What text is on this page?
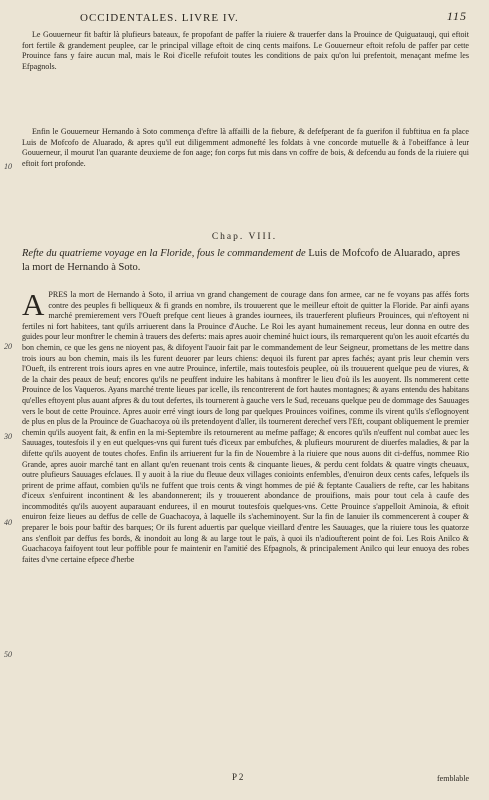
OCCIDENTALES. LIVRE IV.	115
10
20
30
40
50
Le Gouuerneur fit baftir là plufieurs bateaux, fe propofant de paffer la riuiere & trauerfer dans la Prouince de Quiguatauqi, qui eftoit fort fertile & grandement peuplee, car le principal village eftoit de cinq cents maifons. Le Gouuerneur eftoit refolu de paffer par cette Prouince fans y faire aucun mal, mais le Roi d'icelle refufoit toutes les conditions de paix qu'on lui prefentoit, menaçant mefme les Efpagnols.
Enfin le Gouuerneur Hernando à Soto commença d'eftre là affailli de la fiebure, & defefperant de fa guerifon il fubftitua en fa place Luis de Mofcofo de Aluarado, & apres qu'il eut diligemment admonefté les foldats à vne concorde mutuelle & à l'obeiffance à leur Gouuerneur, il mourut l'an quarante deuxieme de fon aage; fon corps fut mis dans vn coffre de bois, & defcendu au fonds de la riuiere qui eftoit fort profonde.
Chap. VIII.
Refte du quatrieme voyage en la Floride, fous le commandement de Luis de Mofcofo de Aluarado, apres la mort de Hernando à Soto.
A PRES la mort de Hernando à Soto, il arriua vn grand changement de courage dans fon armee, car ne fe voyans pas affés forts contre des peuples fi belliqueux & fi grands en nombre, ils trouuerent que le meilleur eftoit de quitter la Floride. Par ainfi ayans marché premierement vers l'Oueft prefque cent lieues à grandes iournees, ils trauerferent plufieurs Prouinces, qui n'eftoyent ni fertiles ni fort habitees, tant qu'ils arriuerent dans la Prouince d'Auche. Le Roi les ayant humainement receus, leur donna en outre des guides pour leur monftrer le chemin à trauers des deferts: mais apres auoir cheminé huict iours, ils remarquerent qu'on les auoit efcartés du bon chemin, ce que les gens ne nioyent pas, & difoyent l'auoir fait par le commandement de leur Seigneur, promettans de les mettre dans trois iours au bon chemin, mais ils les furent deuorer par leurs chiens: dequoi ils furent par apres fachés; ayant pris leur chemin vers l'Oueft, ils entrerent trois iours apres en vne autre Prouince, infertile, mais toutesfois peuplee, où ils trouuerent quelque peu de viures, & de la chair des peaux de beuf; encores qu'ils ne peuffent induire les habitans à monftrer le lieu d'où ils les auoyent. Ils nommerent cette Prouince de los Vaqueros. Ayans marché trente lieues par icelle, ils rencontrerent de fort hautes montagnes; & ayans entendu des habitans qu'elles eftoyent plus auant afpres & du tout defertes, ils tournerent à gauche vers le Sud, receuans quelque peu de dommage des Sauuages vers le bout de cette Prouince. Apres auoir erré vingt iours de long par quelques Prouinces voifines, comme ils virent qu'ils s'eflognoyent de plus en plus de la Prouince de Guachacoya où ils pretendoyent d'aller, ils tournerent derechef vers l'Eft, coupant obliquement le premier chemin qu'ils auoyent fait, & enfin en la mi-Septembre ils retournerent au mefme paffage; & encores qu'ils n'euffent nul combat auec les Sauuages, toutesfois il y en eut quelques-vns qui furent tués d'iceux par embufches, & plufieurs moururent de diuerfes maladies, & par la difette qu'ils auoyent de toutes chofes. Enfin ils arriuerent fur la fin de Nouembre à la riuiere que nous auons dit ci-deffus, nommee Rio Grande, apres auoir marché tant en allant qu'en reuenant trois cents & cinquante lieues, & perdu cent foldats & quatre vingts cheuaux, outre plufieurs Sauuages efclaues. Il y auoit à la riue du fleuue deux villages conioints enfembles, d'enuiron deux cents cafes, lefquels ils prirent de prime affaut, combien qu'ils ne fuffent que trois cents & vingt hommes de pié & feptante Caualiers de refte, car les habitans d'iceux s'enfuirent incontinent & les abandonnerent; ils y trouuerent abondance de prouifions, mais pour tout cela à caufe des incommodités qu'ils auoyent auparauant endurees, il en mourut toutesfois quelques-vns. Cette Prouince s'appelloit Aminoia, & eftoit enuiron feize lieues au deffus de celle de Guachacoya, à laquelle ils s'acheminoyent. Sur la fin de Ianuier ils commencerent à couper & preparer le bois pour baftir des barques; Or ils furent aduertis par quelque vieillard d'entre les Sauuages, que la riuiere tous les quatorze ans s'enfloit par deffus fes bords, & inondoit au long & au large tout le païs, à quoi ils n'adioufterent point de foi. Les Rois Anilco & Guachacoya faifoyent tout leur poffible pour fe maintenir en l'amitié des Efpagnols, & principalement Anilco qui leur enuoya des robes faites d'vne certaine efpece d'herbe
P 2	femblable
